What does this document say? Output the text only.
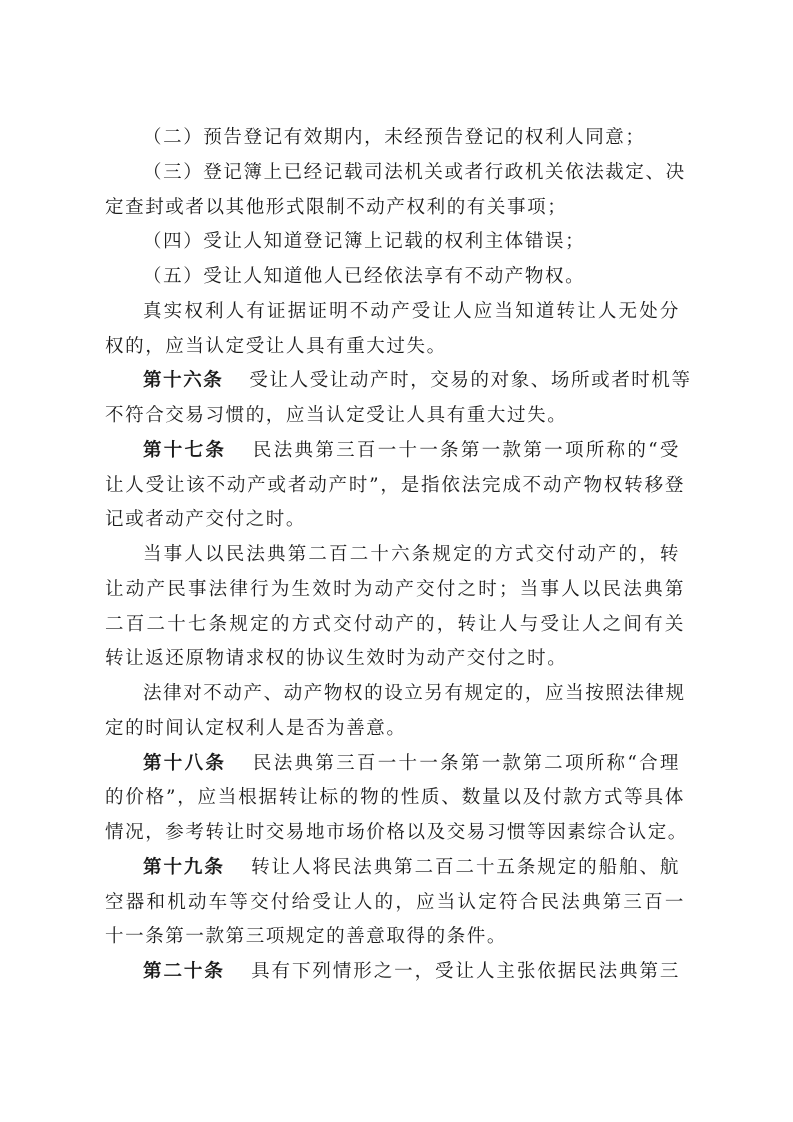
（二）预告登记有效期内，未经预告登记的权利人同意；
（三）登记簿上已经记载司法机关或者行政机关依法裁定、决
定查封或者以其他形式限制不动产权利的有关事项；
（四）受让人知道登记簿上记载的权利主体错误；
（五）受让人知道他人已经依法享有不动产物权。
真实权利人有证据证明不动产受让人应当知道转让人无处分
权的，应当认定受让人具有重大过失。
第十六条 受让人受让动产时，交易的对象、场所或者时机等
不符合交易习惯的，应当认定受让人具有重大过失。
第十七条 民法典第三百一十一条第一款第一项所称的“受
让人受让该不动产或者动产时”，是指依法完成不动产物权转移登
记或者动产交付之时。
当事人以民法典第二百二十六条规定的方式交付动产的，转
让动产民事法律行为生效时为动产交付之时；当事人以民法典第
二百二十七条规定的方式交付动产的，转让人与受让人之间有关
转让返还原物请求权的协议生效时为动产交付之时。
法律对不动产、动产物权的设立另有规定的，应当按照法律规
定的时间认定权利人是否为善意。
第十八条 民法典第三百一十一条第一款第二项所称“合理
的价格”，应当根据转让标的物的性质、数量以及付款方式等具体
情况，参考转让时交易地市场价格以及交易习惯等因素综合认定。
第十九条 转让人将民法典第二百二十五条规定的船舶、航
空器和机动车等交付给受让人的，应当认定符合民法典第三百一
十一条第一款第三项规定的善意取得的条件。
第二十条 具有下列情形之一，受让人主张依据民法典第三
